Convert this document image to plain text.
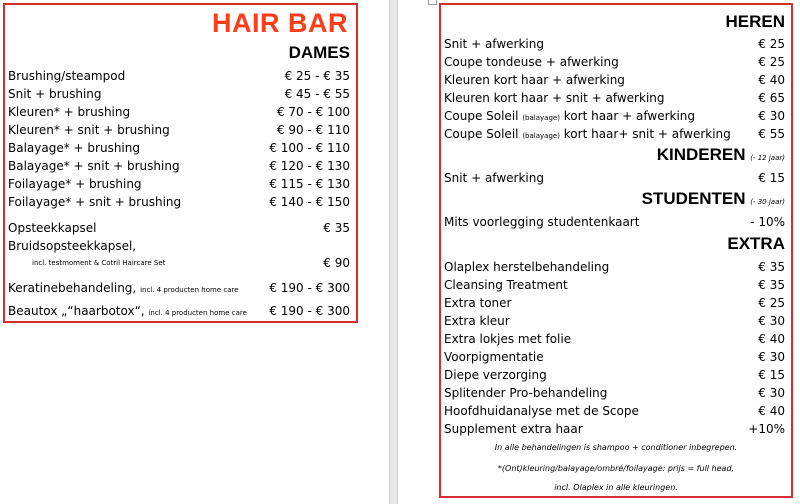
HAIR BAR
DAMES
Brushing/steampod	€ 25 - € 35
Snit + brushing	€ 45 - € 55
Kleuren* + brushing	€ 70 - € 100
Kleuren* + snit + brushing	€ 90 - € 110
Balayage* + brushing	€ 100 - € 110
Balayage* + snit + brushing	€ 120 - € 130
Foilayage* + brushing	€ 115 - € 130
Foilayage* + snit + brushing	€ 140 - € 150
Opsteekkapsel	€ 35
Bruidsopsteekkapsel,
incl. testmoment & Cotril Haircare Set	€ 90
Keratinebehandeling, incl. 4 producten home care	€ 190 - € 300
Beautox „“haarbotox“, incl. 4 producten home care € 190 - € 300
HEREN
Snit + afwerking	€ 25
Coupe tondeuse + afwerking	€ 25
Kleuren kort haar + afwerking	€ 40
Kleuren kort haar + snit + afwerking	€ 65
Coupe Soleil (balayage) kort haar + afwerking	€ 30
Coupe Soleil (balayage) kort haar+ snit + afwerking € 55
KINDEREN (- 12 jaar)
Snit + afwerking	€ 15
STUDENTEN (- 30 jaar)
Mits voorlegging studentenkaart	- 10%
EXTRA
Olaplex herstelbehandeling	€ 35
Cleansing Treatment	€ 35
Extra toner	€ 25
Extra kleur	€ 30
Extra lokjes met folie	€ 40
Voorpigmentatie	€ 30
Diepe verzorging	€ 15
Splitender Pro-behandeling	€ 30
Hoofdhuidanalyse met de Scope	€ 40
Supplement extra haar	+10%
In alle behandelingen is shampoo + conditioner inbegrepen.
*(Ont)kleuring/balayage/ombré/foilayage: prijs = full head,
incl. Olaplex in alle kleuringen.
